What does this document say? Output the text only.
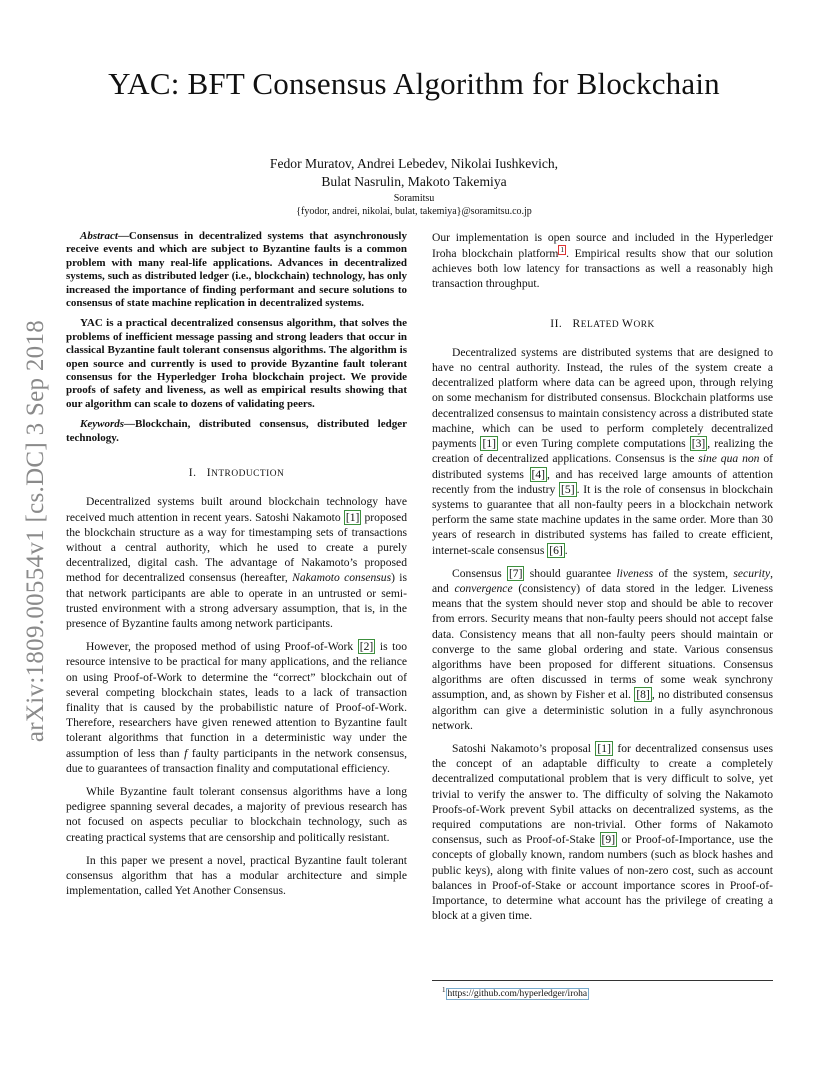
YAC: BFT Consensus Algorithm for Blockchain
Fedor Muratov, Andrei Lebedev, Nikolai Iushkevich,
Bulat Nasrulin, Makoto Takemiya
Soramitsu
{fyodor, andrei, nikolai, bulat, takemiya}@soramitsu.co.jp
arXiv:1809.00554v1 [cs.DC] 3 Sep 2018

Abstract—Consensus in decentralized systems that asynchronously receive events and which are subject to Byzantine faults is a common problem with many real-life applications. Advances in decentralized systems, such as distributed ledger (i.e., blockchain) technology, has only increased the importance of finding performant and secure solutions to consensus of state machine replication in decentralized systems.

YAC is a practical decentralized consensus algorithm, that solves the problems of inefficient message passing and strong leaders that occur in classical Byzantine fault tolerant consensus algorithms. The algorithm is open source and currently is used to provide Byzantine fault tolerant consensus for the Hyperledger Iroha blockchain project. We provide proofs of safety and liveness, as well as empirical results showing that our algorithm can scale to dozens of validating peers.

Keywords—Blockchain, distributed consensus, distributed ledger technology.

I. INTRODUCTION

Decentralized systems built around blockchain technology have received much attention in recent years. Satoshi Nakamoto [1] proposed the blockchain structure as a way for timestamping sets of transactions without a central authority, which he used to create a purely decentralized, digital cash. The advantage of Nakamoto’s proposed method for decentralized consensus (hereafter, Nakamoto consensus) is that network participants are able to operate in an untrusted or semi-trusted environment with a strong adversary assumption, that is, in the presence of Byzantine faults among network participants.

However, the proposed method of using Proof-of-Work [2] is too resource intensive to be practical for many applications, and the reliance on using Proof-of-Work to determine the “correct” blockchain out of several competing blockchain states, leads to a lack of transaction finality that is caused by the probabilistic nature of Proof-of-Work. Therefore, researchers have given renewed attention to Byzantine fault tolerant algorithms that function in a deterministic way under the assumption of less than f faulty participants in the network consensus, due to guarantees of transaction finality and computational efficiency.

While Byzantine fault tolerant consensus algorithms have a long pedigree spanning several decades, a majority of previous research has not focused on aspects peculiar to blockchain technology, such as creating practical systems that are censorship and politically resistant.

In this paper we present a novel, practical Byzantine fault tolerant consensus algorithm that has a modular architecture and simple implementation, called Yet Another Consensus.

Our implementation is open source and included in the Hyperledger Iroha blockchain platform 1 . Empirical results show that our solution achieves both low latency for transactions as well a reasonably high transaction throughput.

II. RELATED WORK

Decentralized systems are distributed systems that are designed to have no central authority. Instead, the rules of the system create a decentralized platform where data can be agreed upon, through relying on some mechanism for distributed consensus. Blockchain platforms use decentralized consensus to maintain consistency across a distributed state machine, which can be used to perform completely decentralized payments [1] or even Turing complete computations [3] , realizing the creation of decentralized applications. Consensus is the sine qua non of distributed systems [4] , and has received large amounts of attention recently from the industry [5] . It is the role of consensus in blockchain systems to guarantee that all non-faulty peers in a blockchain network perform the same state machine updates in the same order. More than 30 years of research in distributed systems has failed to create efficient, internet-scale consensus [6] .

Consensus [7] should guarantee liveness of the system, security, and convergence (consistency) of data stored in the ledger. Liveness means that the system should never stop and should be able to recover from errors. Security means that non-faulty peers should not accept false data. Consistency means that all non-faulty peers should maintain or converge to the same global ordering and state. Various consensus algorithms have been proposed for different situations. Consensus algorithms are often discussed in terms of some weak synchrony assumption, and, as shown by Fisher et al. [8] , no distributed consensus algorithm can give a deterministic solution in a fully asynchronous network.

Satoshi Nakamoto’s proposal [1] for decentralized consensus uses the concept of an adaptable difficulty to create a completely decentralized computational problem that is very difficult to solve, yet trivial to verify the answer to. The difficulty of solving the Nakamoto Proofs-of-Work prevent Sybil attacks on decentralized systems, as the required computations are non-trivial. Other forms of Nakamoto consensus, such as Proof-of-Stake [9] or Proof-of-Importance, use the concepts of globally known, random numbers (such as block hashes and public keys), along with finite values of non-zero cost, such as account balances in Proof-of-Stake or account importance scores in Proof-of-Importance, to determine what account has the privilege of creating a block at a given time.

$^1$ https://github.com/hyperledger/iroha
